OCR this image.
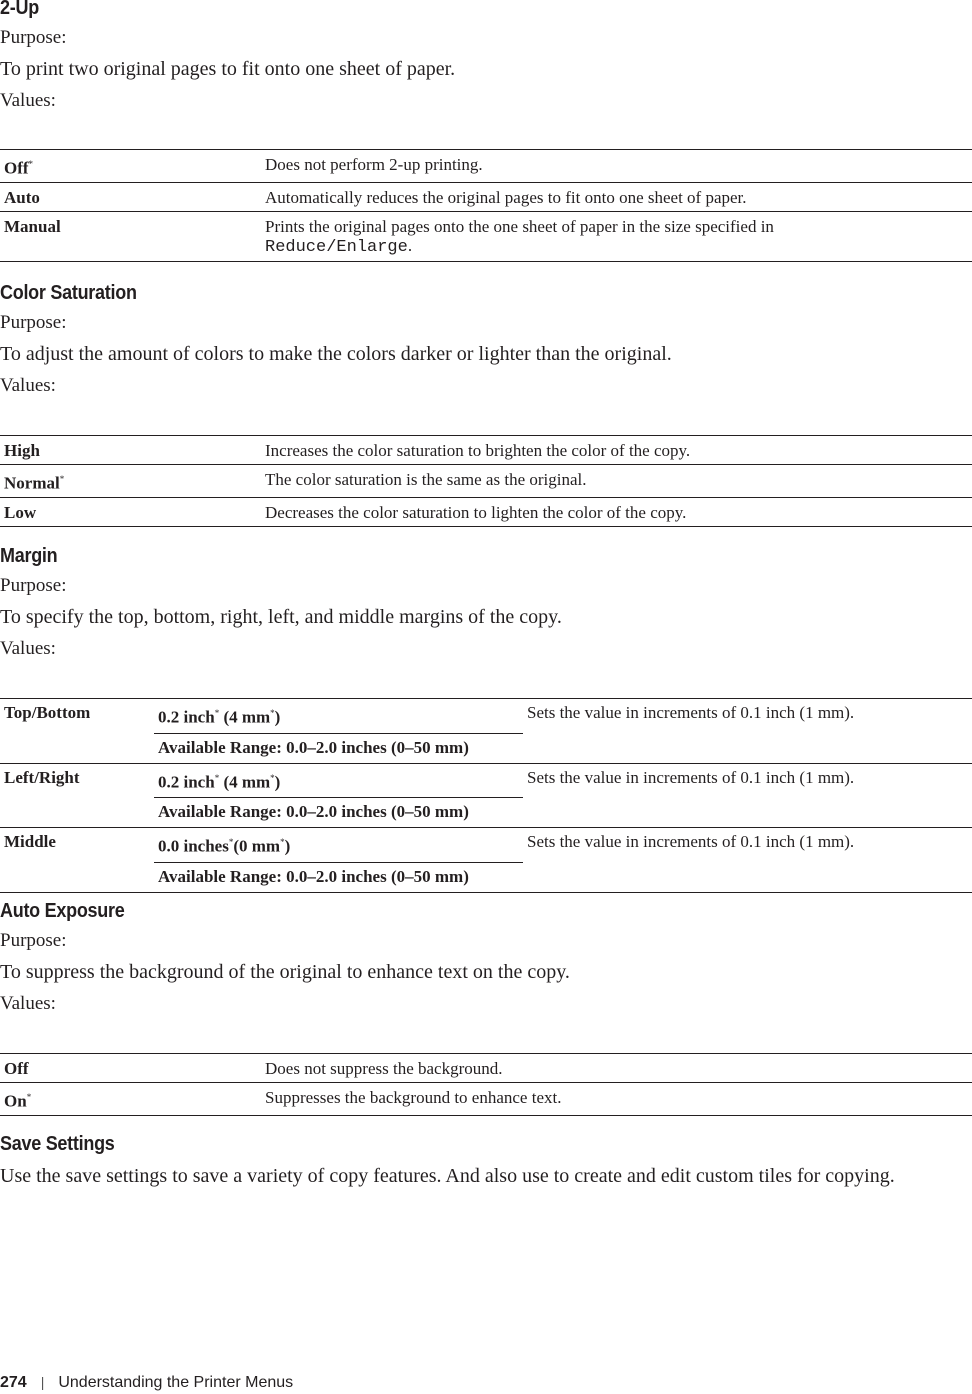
2-Up

Purpose:

To print two original pages to fit onto one sheet of paper.

Values:

Off*	Does not perform 2-up printing.
Auto	Automatically reduces the original pages to fit onto one sheet of paper.
Manual	Prints the original pages onto the one sheet of paper in the size specified in
Reduce/Enlarge.
Color Saturation

Purpose:

To adjust the amount of colors to make the colors darker or lighter than the original.

Values:

High	Increases the color saturation to brighten the color of the copy.
Normal*	The color saturation is the same as the original.
Low	Decreases the color saturation to lighten the color of the copy.
Margin

Purpose:

To specify the top, bottom, right, left, and middle margins of the copy.

Values:

Top/Bottom	0.2 inch* (4 mm*)	Sets the value in increments of 0.1 inch (1 mm).
	Available Range: 0.0–2.0 inches (0–50 mm)	
Left/Right	0.2 inch* (4 mm*)	Sets the value in increments of 0.1 inch (1 mm).
	Available Range: 0.0–2.0 inches (0–50 mm)	
Middle	0.0 inches*(0 mm*)	Sets the value in increments of 0.1 inch (1 mm).
	Available Range: 0.0–2.0 inches (0–50 mm)	
Auto Exposure

Purpose:

To suppress the background of the original to enhance text on the copy.

Values:

Off	Does not suppress the background.
On*	Suppresses the background to enhance text.
Save Settings

Use the save settings to save a variety of copy features. And also use to create and edit custom tiles for copying.

274 | Understanding the Printer Menus
